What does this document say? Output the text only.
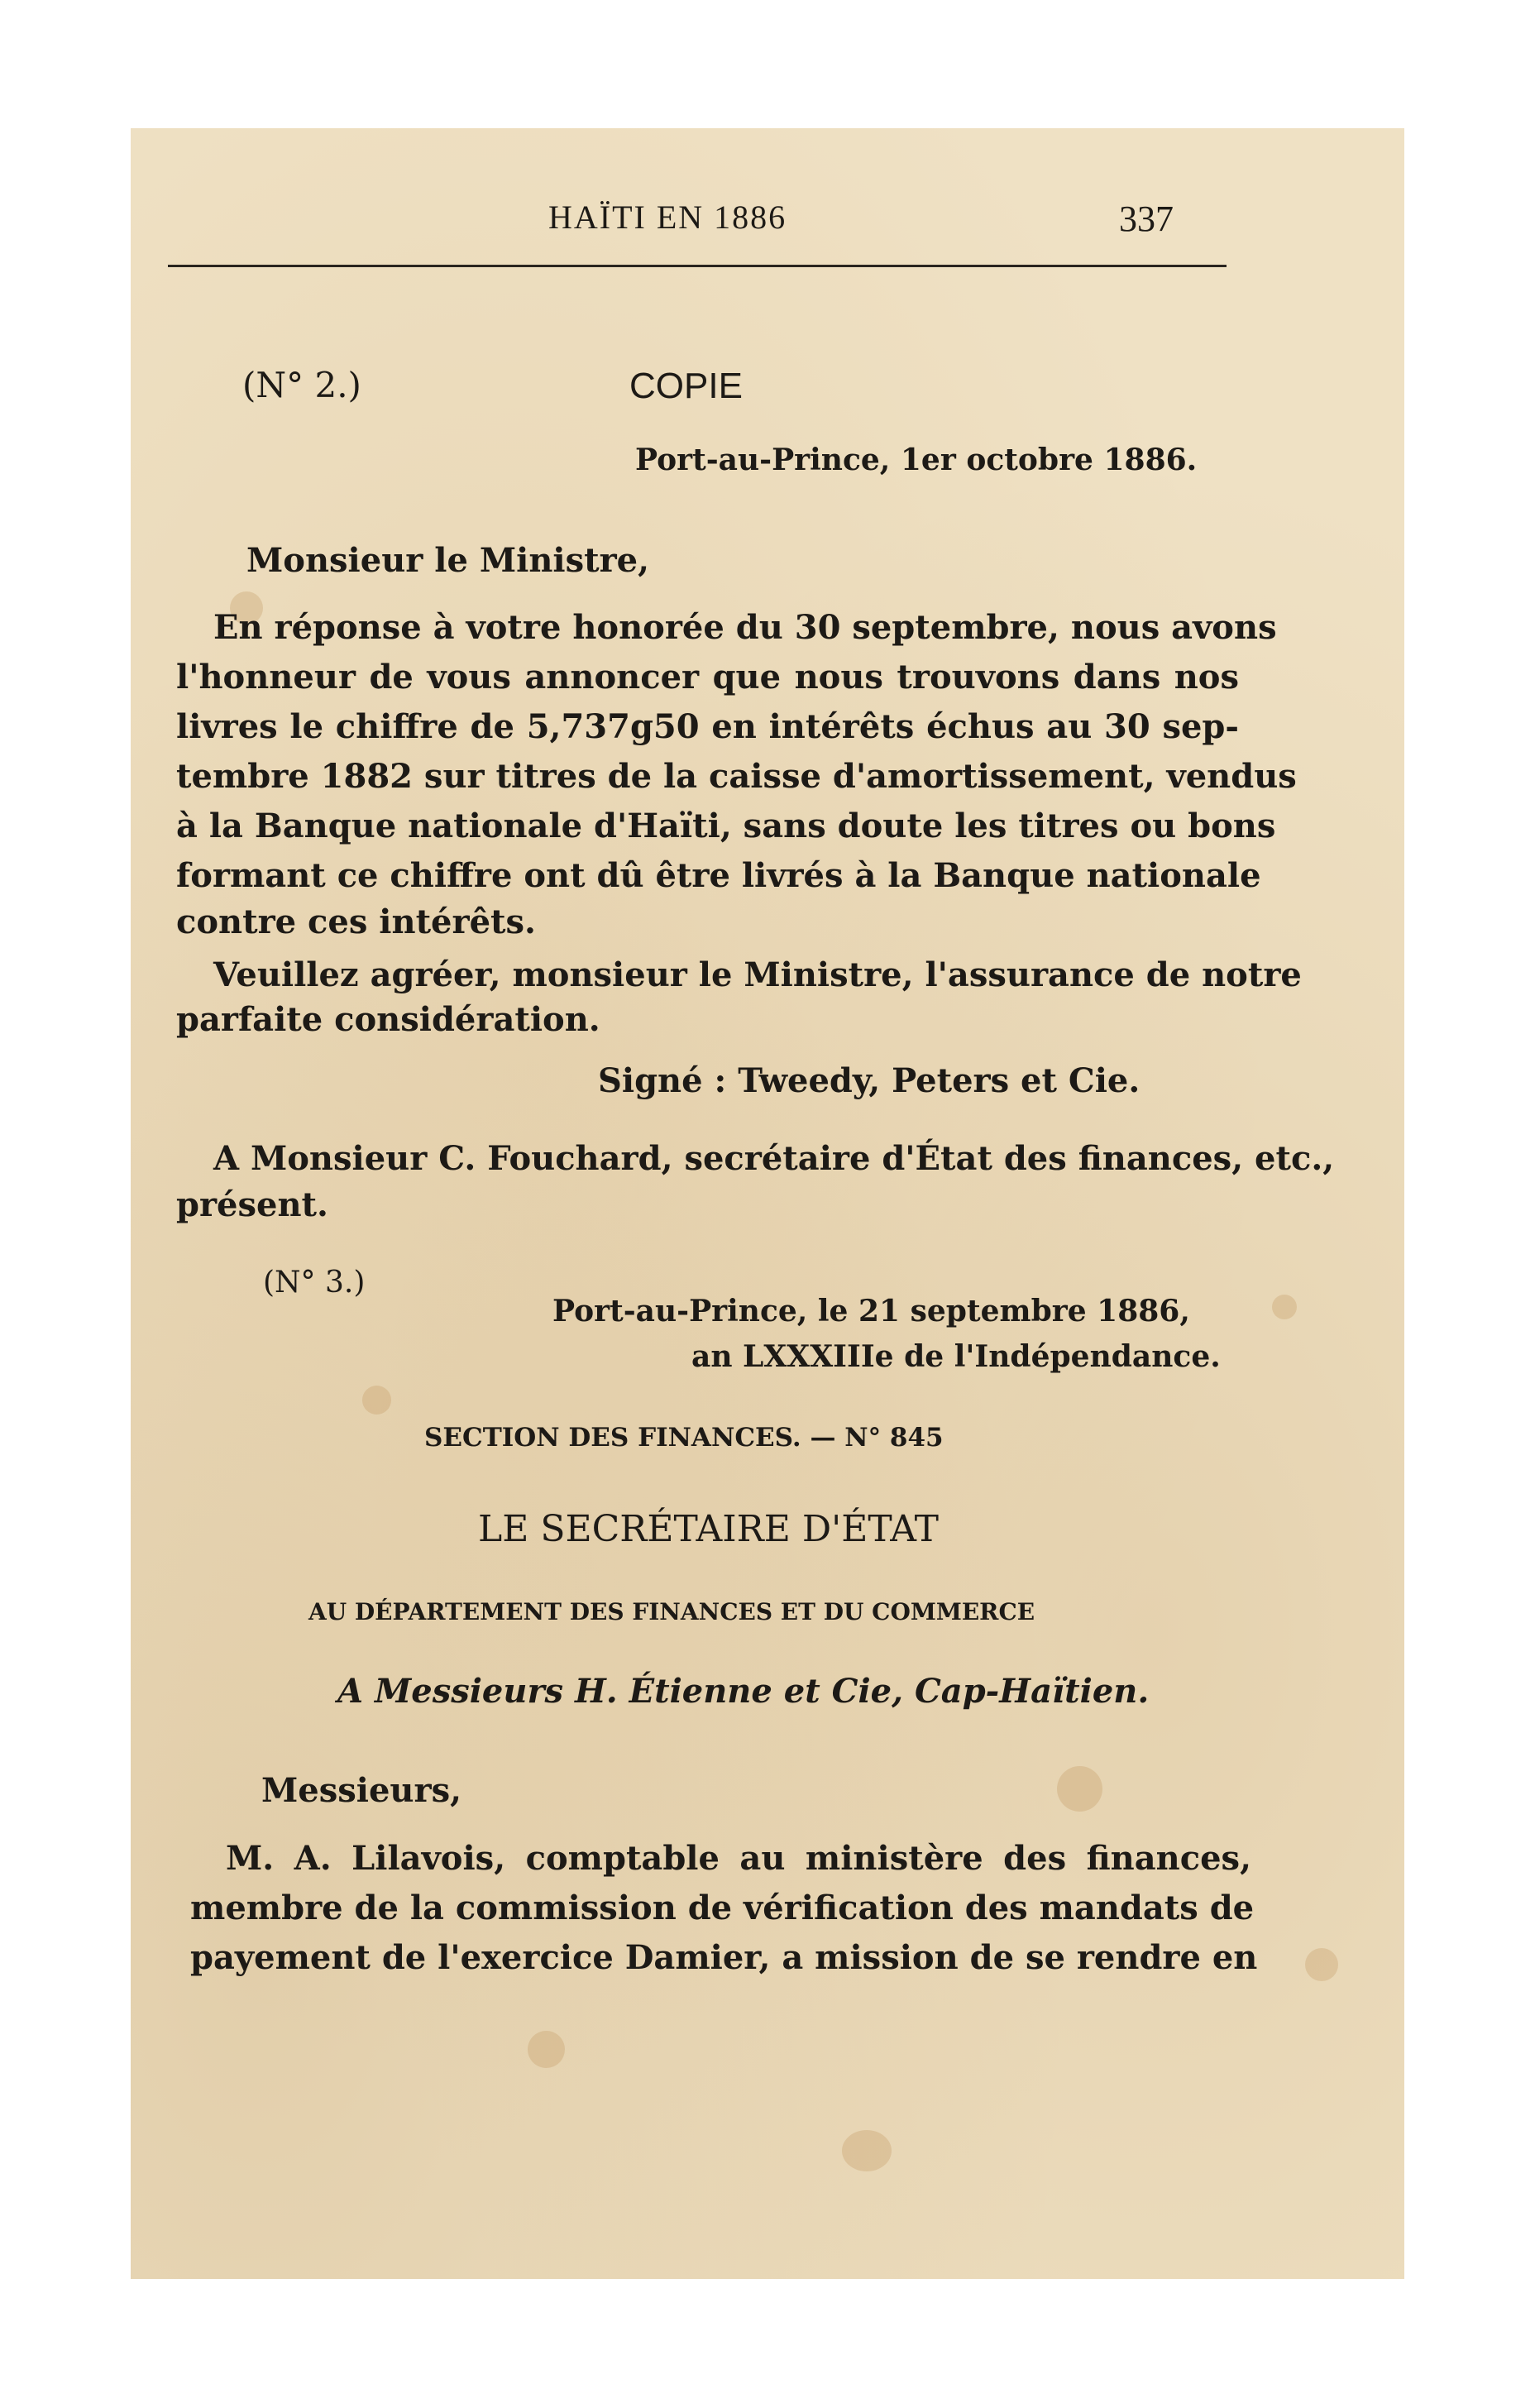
HAÏTI EN 1886	337
(N° 2.)	COPIE
Port-au-Prince, 1er octobre 1886.
Monsieur le Ministre,
En réponse à votre honorée du 30 septembre, nous avons
l'honneur de vous annoncer que nous trouvons dans nos
livres le chiffre de 5,737g50 en intérêts échus au 30 sep-
tembre 1882 sur titres de la caisse d'amortissement, vendus
à la Banque nationale d'Haïti, sans doute les titres ou bons
formant ce chiffre ont dû être livrés à la Banque nationale
contre ces intérêts.
Veuillez agréer, monsieur le Ministre, l'assurance de notre
parfaite considération.
Signé : Tweedy, Peters et Cie.
A Monsieur C. Fouchard, secrétaire d'État des finances, etc.,
présent.
(N° 3.)
Port-au-Prince, le 21 septembre 1886,
an LXXXIIIe de l'Indépendance.
SECTION DES FINANCES. — N° 845
LE SECRÉTAIRE D'ÉTAT
AU DÉPARTEMENT DES FINANCES ET DU COMMERCE
A Messieurs H. Étienne et Cie, Cap-Haïtien.
Messieurs,
M. A. Lilavois, comptable au ministère des finances,
membre de la commission de vérification des mandats de
payement de l'exercice Damier, a mission de se rendre en
